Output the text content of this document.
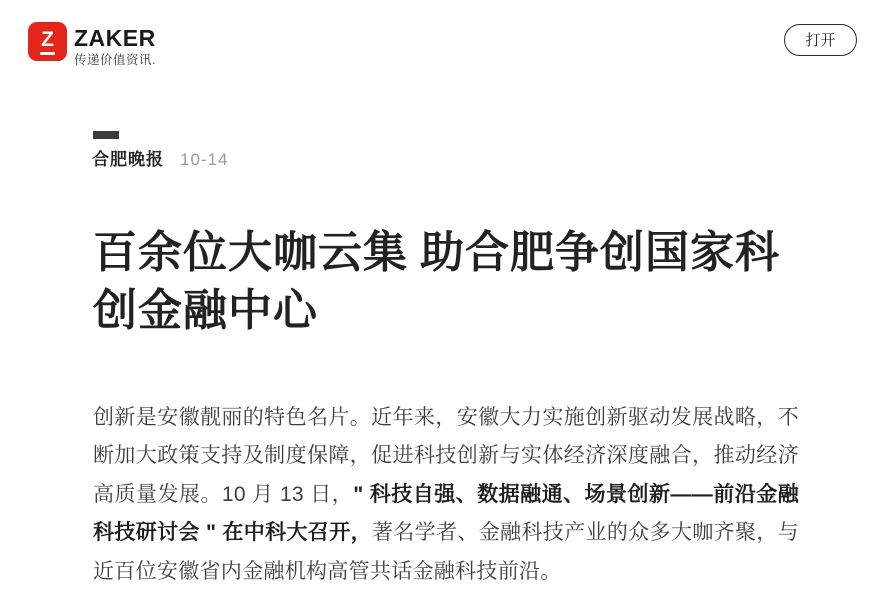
Z ZAKER
传递价值资讯.
打开
合肥晚报 10-14
百余位大咖云集 助合肥争创国家科创金融中心

创新是安徽靓丽的特色名片。近年来，安徽大力实施创新驱动发展战略，不断加大政策支持及制度保障，促进科技创新与实体经济深度融合，推动经济高质量发展。10 月 13 日，" 科技自强、数据融通、场景创新——前沿金融科技研讨会 " 在中科大召开，著名学者、金融科技产业的众多大咖齐聚，与近百位安徽省内金融机构高管共话金融科技前沿。
